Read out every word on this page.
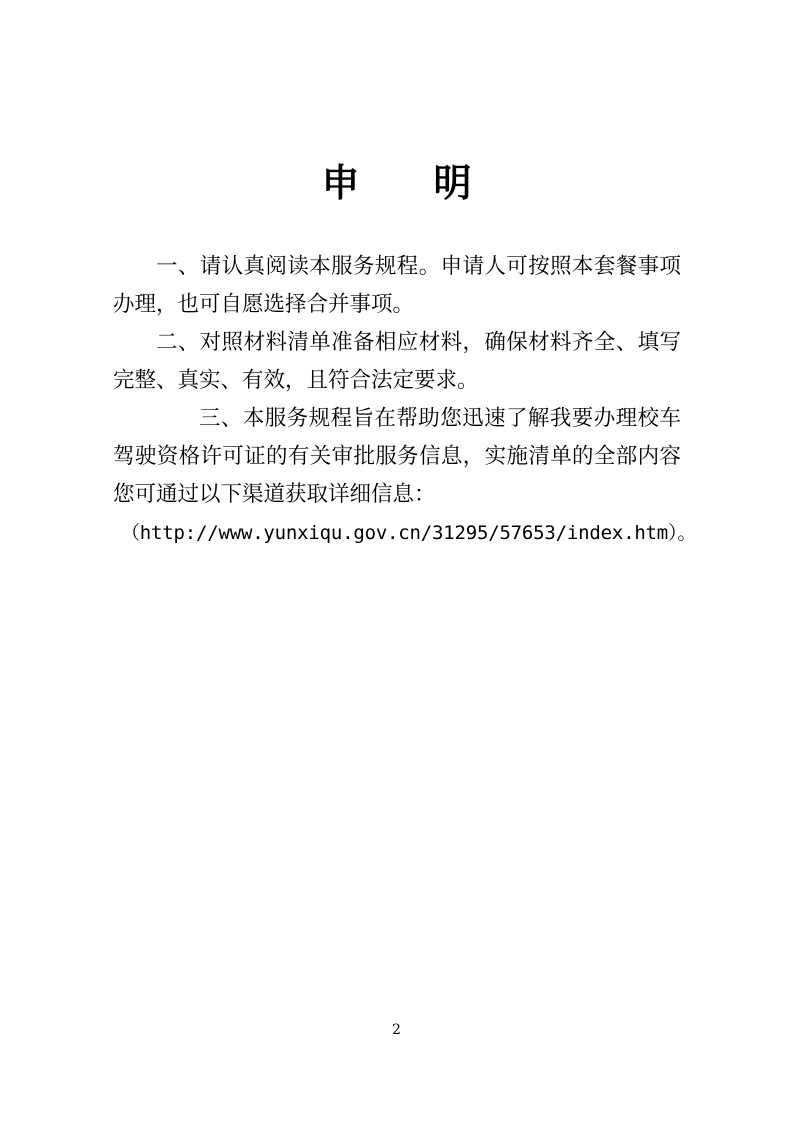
申　明

一、请认真阅读本服务规程。申请人可按照本套餐事项办理，也可自愿选择合并事项。

二、对照材料清单准备相应材料，确保材料齐全、填写完整、真实、有效，且符合法定要求。

三、本服务规程旨在帮助您迅速了解我要办理校车驾驶资格许可证的有关审批服务信息，实施清单的全部内容您可通过以下渠道获取详细信息：

（http://www.yunxiqu.gov.cn/31295/57653/index.htm）。

2
